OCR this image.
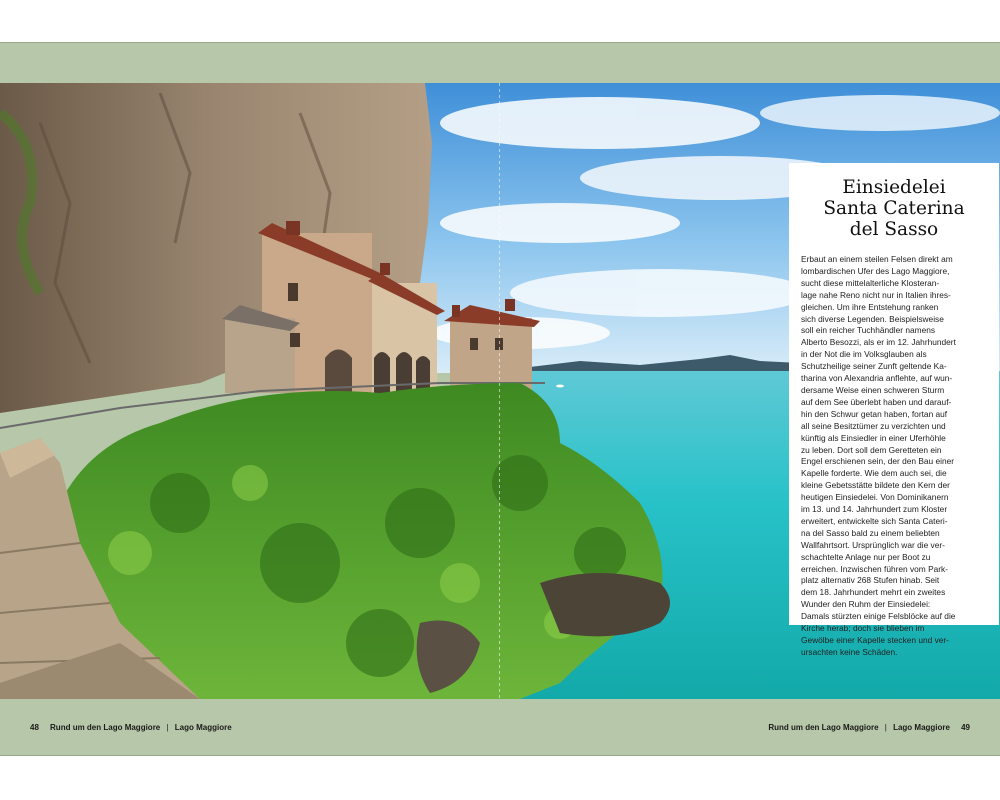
Einsiedelei
Santa Caterina
del Sasso

Erbaut an einem steilen Felsen direkt am
lombardischen Ufer des Lago Maggiore,
sucht diese mittelalterliche Klosteran-
lage nahe Reno nicht nur in Italien ihres-
gleichen. Um ihre Entstehung ranken
sich diverse Legenden. Beispielsweise
soll ein reicher Tuchhändler namens
Alberto Besozzi, als er im 12. Jahrhundert
in der Not die im Volksglauben als
Schutzheilige seiner Zunft geltende Ka-
tharina von Alexandria anflehte, auf wun-
dersame Weise einen schweren Sturm
auf dem See überlebt haben und darauf-
hin den Schwur getan haben, fortan auf
all seine Besitztümer zu verzichten und
künftig als Einsiedler in einer Uferhöhle
zu leben. Dort soll dem Geretteten ein
Engel erschienen sein, der den Bau einer
Kapelle forderte. Wie dem auch sei, die
kleine Gebetsstätte bildete den Kern der
heutigen Einsiedelei. Von Dominikanern
im 13. und 14. Jahrhundert zum Kloster
erweitert, entwickelte sich Santa Cateri-
na del Sasso bald zu einem beliebten
Wallfahrtsort. Ursprünglich war die ver-
schachtelte Anlage nur per Boot zu
erreichen. Inzwischen führen vom Park-
platz alternativ 268 Stufen hinab. Seit
dem 18. Jahrhundert mehrt ein zweites
Wunder den Ruhm der Einsiedelei:
Damals stürzten einige Felsblöcke auf die
Kirche herab; doch sie blieben im
Gewölbe einer Kapelle stecken und ver-
ursachten keine Schäden.

48 Rund um den Lago Maggiore | Lago Maggiore	Rund um den Lago Maggiore | Lago Maggiore 49
